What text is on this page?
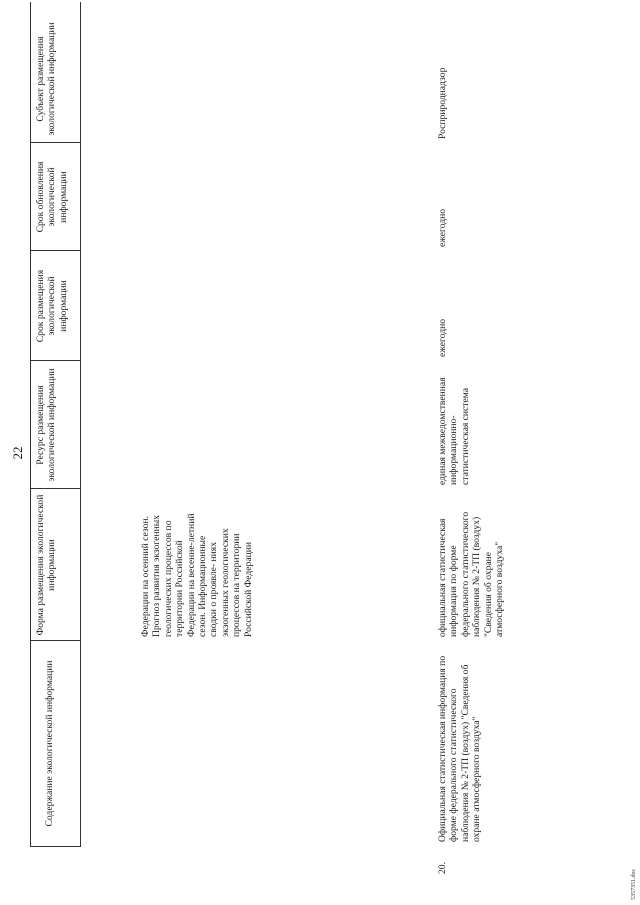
22
Содержание экологической информации
Форма размещения экологической информации
Ресурс размещения экологической информации
Срок размещения экологической информации
Срок обновления экологической информации
Субъект размещения экологической информации
Федерации на осенний сезон. Прогноз развития экзогенных геологических процессов по территории Российской Федерации на весенне-летний сезон. Информационные сводки о проявле- ниях экзогенных геологических процессов на территории Российской Федерации
20.
Официальная статистическая информация по форме федерального статистического наблюдения № 2-ТП (воздух) "Сведения об охране атмосферного воздуха"
официальная статистическая информация по форме федерального статистического наблюдения № 2-ТП (воздух) "Сведения об охране атмосферного воздуха"
единая межведомственная информационно-статистическая система
ежегодно
ежегодно
Росприроднадзор
5357351.doc
